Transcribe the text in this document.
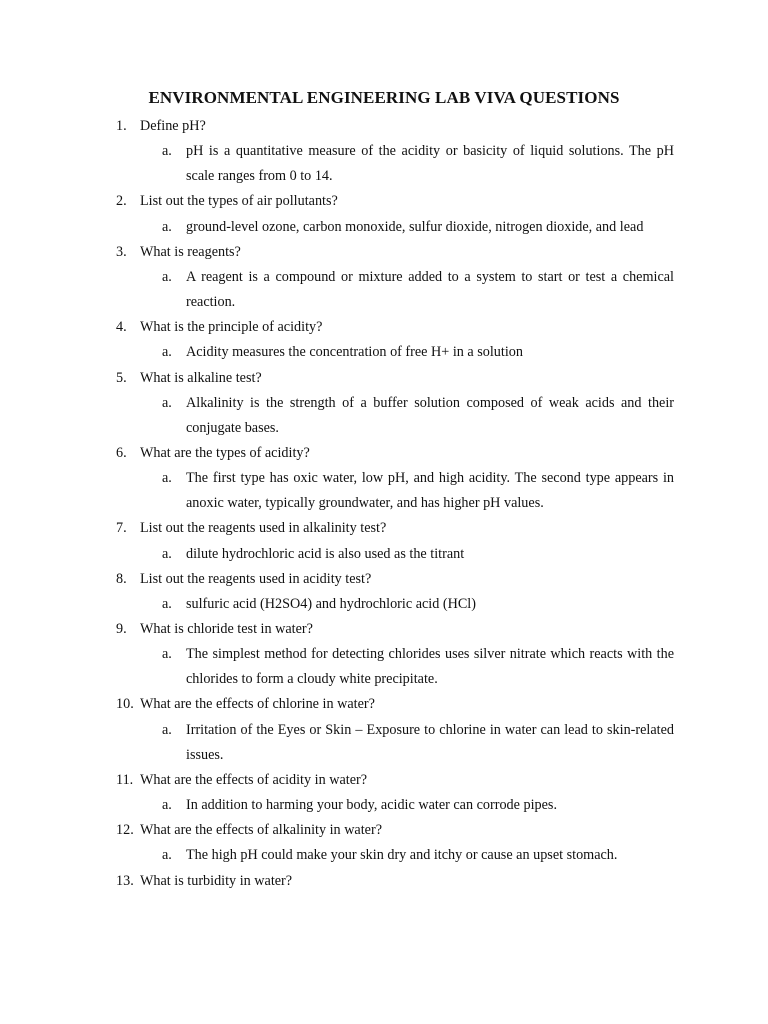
ENVIRONMENTAL ENGINEERING LAB VIVA QUESTIONS
1. Define pH?
a. pH is a quantitative measure of the acidity or basicity of liquid solutions. The pH scale ranges from 0 to 14.
2. List out the types of air pollutants?
a. ground-level ozone, carbon monoxide, sulfur dioxide, nitrogen dioxide, and lead
3. What is reagents?
a. A reagent is a compound or mixture added to a system to start or test a chemical reaction.
4. What is the principle of acidity?
a. Acidity measures the concentration of free H+ in a solution
5. What is alkaline test?
a. Alkalinity is the strength of a buffer solution composed of weak acids and their conjugate bases.
6. What are the types of acidity?
a. The first type has oxic water, low pH, and high acidity. The second type appears in anoxic water, typically groundwater, and has higher pH values.
7. List out the reagents used in alkalinity test?
a. dilute hydrochloric acid is also used as the titrant
8. List out the reagents used in acidity test?
a. sulfuric acid (H2SO4) and hydrochloric acid (HCl)
9. What is chloride test in water?
a. The simplest method for detecting chlorides uses silver nitrate which reacts with the chlorides to form a cloudy white precipitate.
10. What are the effects of chlorine in water?
a. Irritation of the Eyes or Skin – Exposure to chlorine in water can lead to skin-related issues.
11. What are the effects of acidity in water?
a. In addition to harming your body, acidic water can corrode pipes.
12. What are the effects of alkalinity in water?
a. The high pH could make your skin dry and itchy or cause an upset stomach.
13. What is turbidity in water?
